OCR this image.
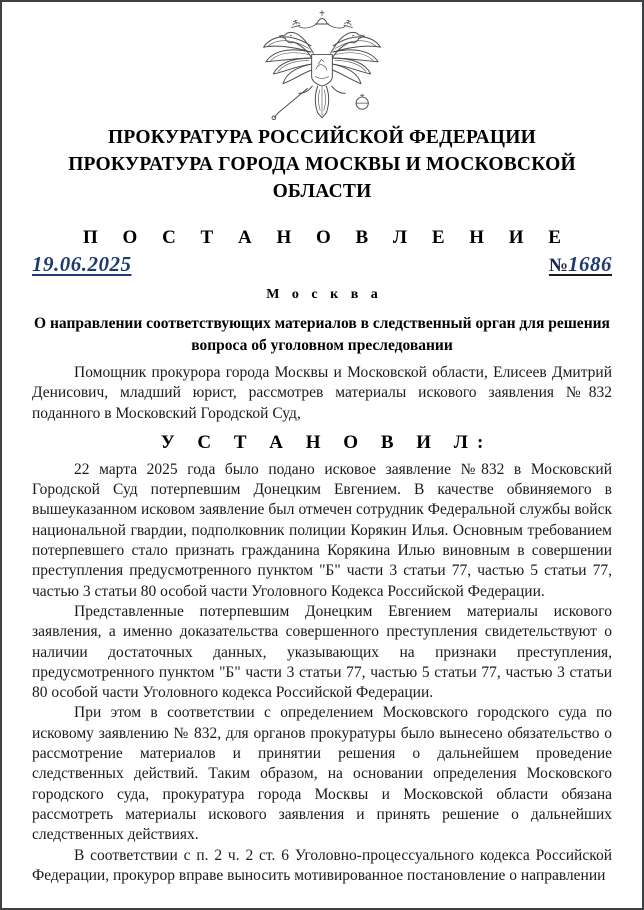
ПРОКУРАТУРА РОССИЙСКОЙ ФЕДЕРАЦИИ
ПРОКУРАТУРА ГОРОДА МОСКВЫ И МОСКОВСКОЙ ОБЛАСТИ
П О С Т А Н О В Л Е Н И Е
19.06.2025	№1686
М о с к в а
О направлении соответствующих материалов в следственный орган для решения вопроса об уголовном преследовании

Помощник прокурора города Москвы и Московской области, Елисеев Дмитрий Денисович, младший юрист, рассмотрев материалы искового заявления №832 поданного в Московский Городской Суд,

У С Т А Н О В И Л:

22 марта 2025 года было подано исковое заявление №832 в Московский Городской Суд потерпевшим Донецким Евгением. В качестве обвиняемого в вышеуказанном исковом заявление был отмечен сотрудник Федеральной службы войск национальной гвардии, подполковник полиции Корякин Илья. Основным требованием потерпевшего стало признать гражданина Корякина Илью виновным в совершении преступления предусмотренного пунктом "Б" части 3 статьи 77, частью 5 статьи 77, частью 3 статьи 80 особой части Уголовного Кодекса Российской Федерации.

Представленные потерпевшим Донецким Евгением материалы искового заявления, а именно доказательства совершенного преступления свидетельствуют о наличии достаточных данных, указывающих на признаки преступления, предусмотренного пунктом "Б" части 3 статьи 77, частью 5 статьи 77, частью 3 статьи 80 особой части Уголовного кодекса Российской Федерации.

При этом в соответствии с определением Московского городского суда по исковому заявлению № 832, для органов прокуратуры было вынесено обязательство о рассмотрение материалов и принятии решения о дальнейшем проведение следственных действий. Таким образом, на основании определения Московского городского суда, прокуратура города Москвы и Московской области обязана рассмотреть материалы искового заявления и принять решение о дальнейших следственных действиях.

В соответствии с п. 2 ч. 2 ст. 6 Уголовно-процессуального кодекса Российской Федерации, прокурор вправе выносить мотивированное постановление о направлении
